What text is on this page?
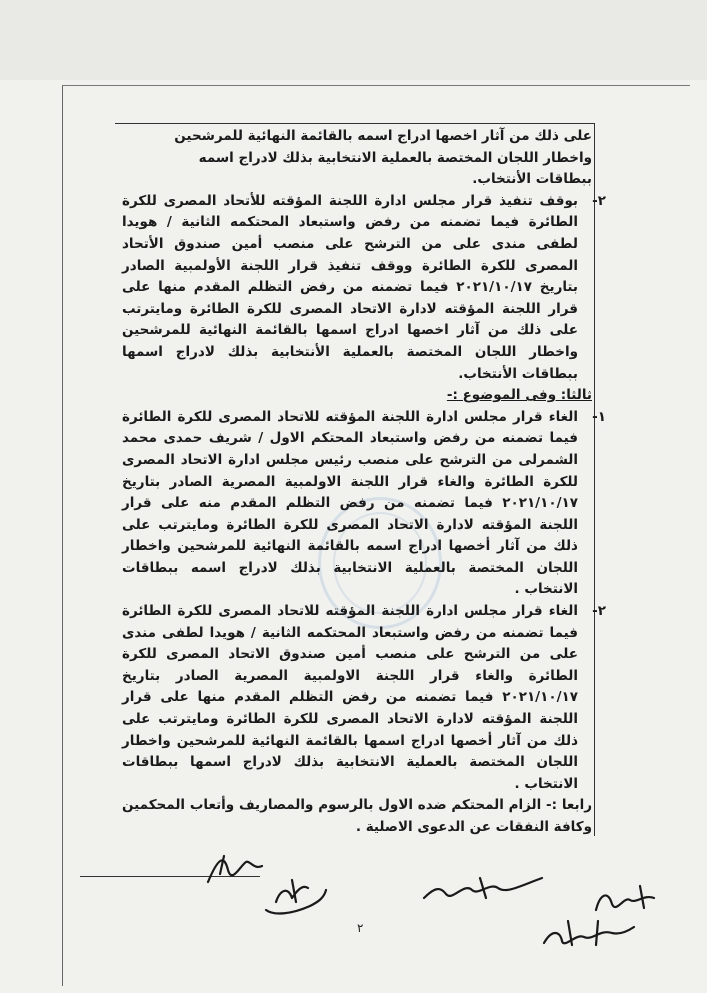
على ذلك من آثار اخصها ادراج اسمه بالقائمة النهائية للمرشحين
واخطار اللجان المختصة بالعملية الانتخابية بذلك لادراج اسمه
ببطاقات الأنتخاب.
٢-
بوقف تنفيذ قرار مجلس ادارة اللجنة المؤقته للأتحاد المصرى للكرة الطائرة فيما تضمنه من رفض واستبعاد المحتكمه الثانية / هويدا لطفى مندى على من الترشح على منصب أمين صندوق الأتحاد المصرى للكرة الطائرة ووقف تنفيذ قرار اللجنة الأولمبية الصادر بتاريخ ٢٠٢١/١٠/١٧ فيما تضمنه من رفض التظلم المقدم منها على قرار اللجنة المؤقته لادارة الاتحاد المصرى للكرة الطائرة ومايترتب على ذلك من آثار اخصها ادراج اسمها بالقائمة النهائية للمرشحين واخطار اللجان المختصة بالعملية الأنتخابية بذلك لادراج اسمها ببطاقات الأنتخاب.
ثالثا: وفى الموضوع :-
١-
الغاء قرار مجلس ادارة اللجنة المؤقته للاتحاد المصرى للكرة الطائرة فيما تضمنه من رفض واستبعاد المحتكم الاول / شريف حمدى محمد الشمرلى من الترشح على منصب رئيس مجلس ادارة الاتحاد المصرى للكرة الطائرة والغاء قرار اللجنة الاولمبية المصرية الصادر بتاريخ ٢٠٢١/١٠/١٧ فيما تضمنه من رفض التظلم المقدم منه على قرار اللجنة المؤقته لادارة الاتحاد المصرى للكرة الطائرة ومايترتب على ذلك من آثار أخصها ادراج اسمه بالقائمة النهائية للمرشحين واخطار اللجان المختصة بالعملية الانتخابية بذلك لادراج اسمه ببطاقات الانتخاب .
٢-
الغاء قرار مجلس ادارة اللجنة المؤقته للاتحاد المصرى للكرة الطائرة فيما تضمنه من رفض واستبعاد المحتكمه الثانية / هويدا لطفى مندى على من الترشح على منصب أمين صندوق الاتحاد المصرى للكرة الطائرة والغاء قرار اللجنة الاولمبية المصرية الصادر بتاريخ ٢٠٢١/١٠/١٧ فيما تضمنه من رفض التظلم المقدم منها على قرار اللجنة المؤقته لادارة الاتحاد المصرى للكرة الطائرة ومايترتب على ذلك من آثار أخصها ادراج اسمها بالقائمة النهائية للمرشحين واخطار اللجان المختصة بالعملية الانتخابية بذلك لادراج اسمها ببطاقات الانتخاب .
رابعا :- الزام المحتكم ضده الاول بالرسوم والمصاريف وأتعاب المحكمين وكافة النفقات عن الدعوى الاصلية .
٢
